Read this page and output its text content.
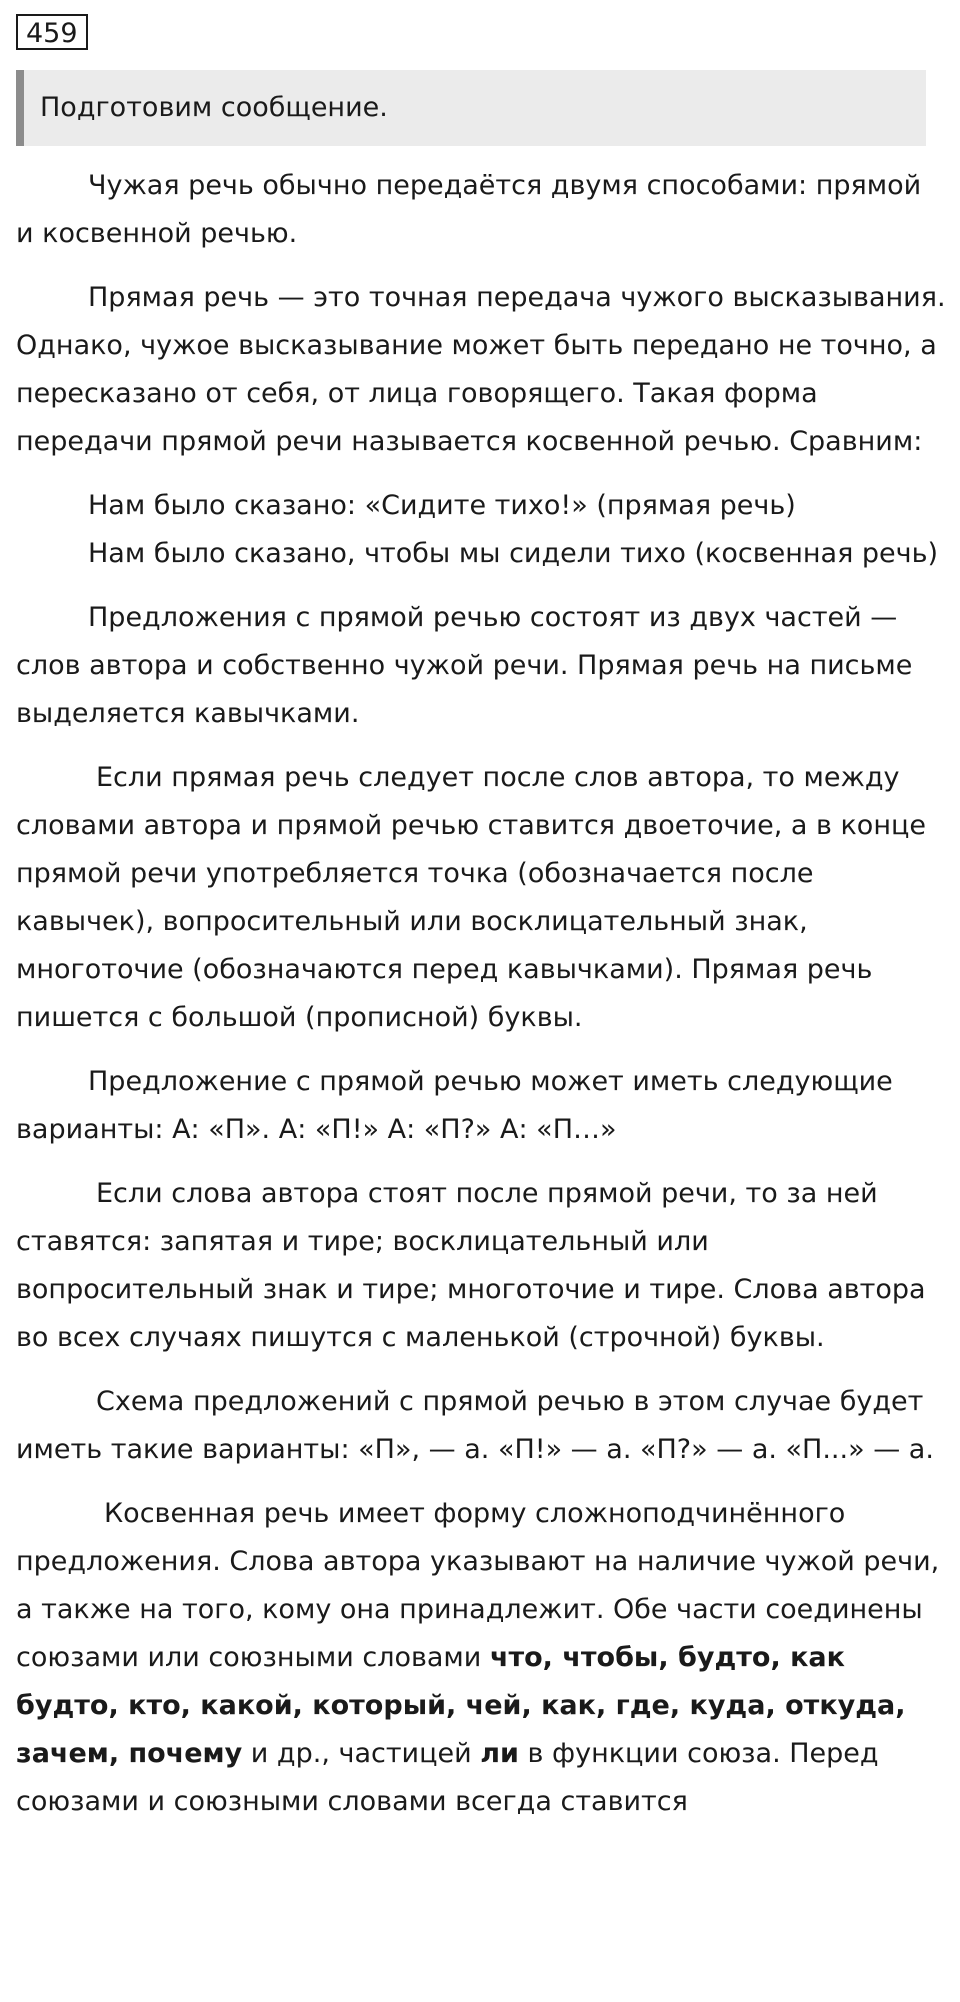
459
Подготовим сообщение.

Чужая речь обычно передаётся двумя способами: прямой и косвенной речью.

Прямая речь — это точная передача чужого высказывания. Однако, чужое высказывание может быть передано не точно, а пересказано от себя, от лица говорящего. Такая форма передачи прямой речи называется косвенной речью. Сравним:

Нам было сказано: «Сидите тихо!» (прямая речь)

Нам было сказано, чтобы мы сидели тихо (косвенная речь)

Предложения с прямой речью состоят из двух частей — слов автора и собственно чужой речи. Прямая речь на письме выделяется кавычками.

Если прямая речь следует после слов автора, то между словами автора и прямой речью ставится двоеточие, а в конце прямой речи употребляется точка (обозначается после кавычек), вопросительный или восклицательный знак, многоточие (обозначаются перед кавычками). Прямая речь пишется с большой (прописной) буквы.

Предложение с прямой речью может иметь следующие варианты: А: «П». А: «П!» А: «П?» А: «П…»

Если слова автора стоят после прямой речи, то за ней ставятся: запятая и тире; восклицательный или вопросительный знак и тире; многоточие и тире. Слова автора во всех случаях пишутся с маленькой (строчной) буквы.

Схема предложений с прямой речью в этом случае будет иметь такие варианты: «П», — а. «П!» — а. «П?» — а. «П...» — а.

Косвенная речь имеет форму сложноподчинённого предложения. Слова автора указывают на наличие чужой речи, а также на того, кому она принадлежит. Обе части соединены союзами или союзными словами что, чтобы, будто, как будто, кто, какой, который, чей, как, где, куда, откуда, зачем, почему и др., частицей ли в функции союза. Перед союзами и союзными словами всегда ставится
